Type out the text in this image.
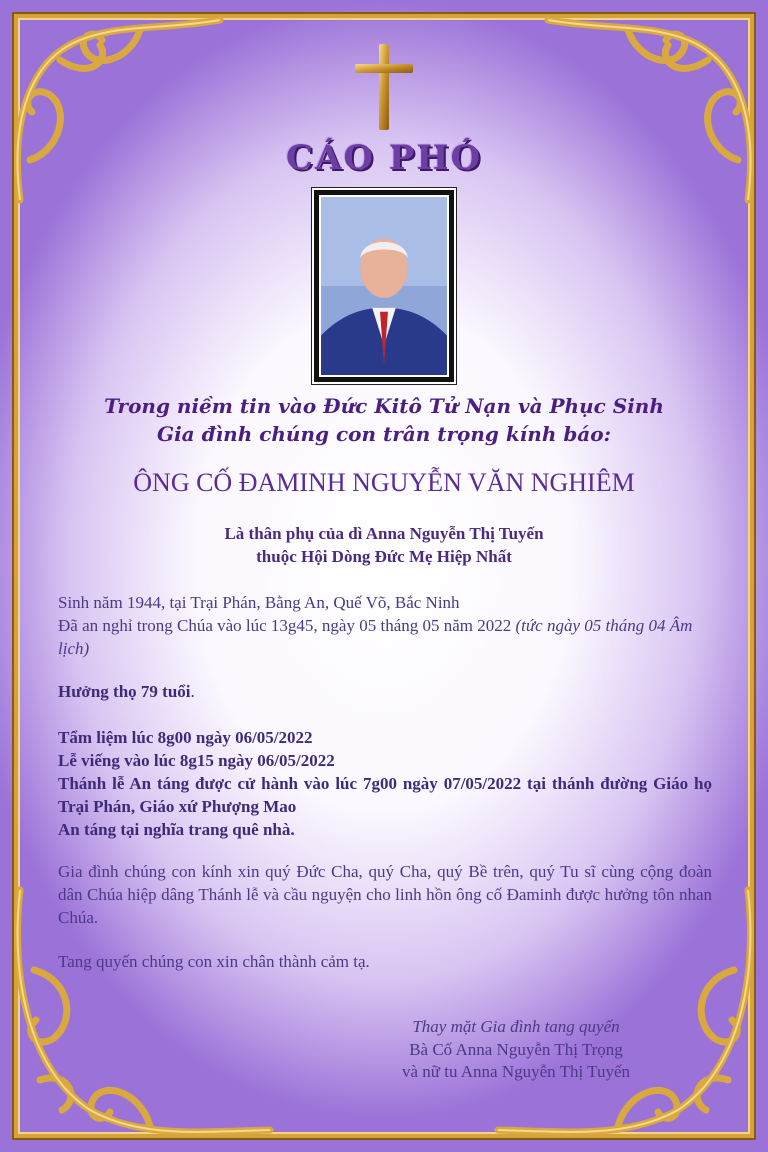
CÁO PHÓ
Trong niềm tin vào Đức Kitô Tử Nạn và Phục Sinh
Gia đình chúng con trân trọng kính báo:
ÔNG CỐ ĐAMINH NGUYỄN VĂN NGHIÊM
Là thân phụ của dì Anna Nguyễn Thị Tuyến
thuộc Hội Dòng Đức Mẹ Hiệp Nhất
Sinh năm 1944, tại Trại Phán, Bằng An, Quế Võ, Bắc Ninh
Đã an nghỉ trong Chúa vào lúc 13g45, ngày 05 tháng 05 năm 2022 (tức ngày 05 tháng 04 Âm lịch)
Hưởng thọ 79 tuổi.
Tẩm liệm lúc 8g00 ngày 06/05/2022
Lễ viếng vào lúc 8g15 ngày 06/05/2022
Thánh lễ An táng được cử hành vào lúc 7g00 ngày 07/05/2022 tại thánh đường Giáo họ Trại Phán, Giáo xứ Phượng Mao
An táng tại nghĩa trang quê nhà.
Gia đình chúng con kính xin quý Đức Cha, quý Cha, quý Bề trên, quý Tu sĩ cùng cộng đoàn dân Chúa hiệp dâng Thánh lễ và cầu nguyện cho linh hồn ông cố Đaminh được hưởng tôn nhan Chúa.
Tang quyến chúng con xin chân thành cảm tạ.
Thay mặt Gia đình tang quyến
Bà Cố Anna Nguyễn Thị Trọng
và nữ tu Anna Nguyễn Thị Tuyến
